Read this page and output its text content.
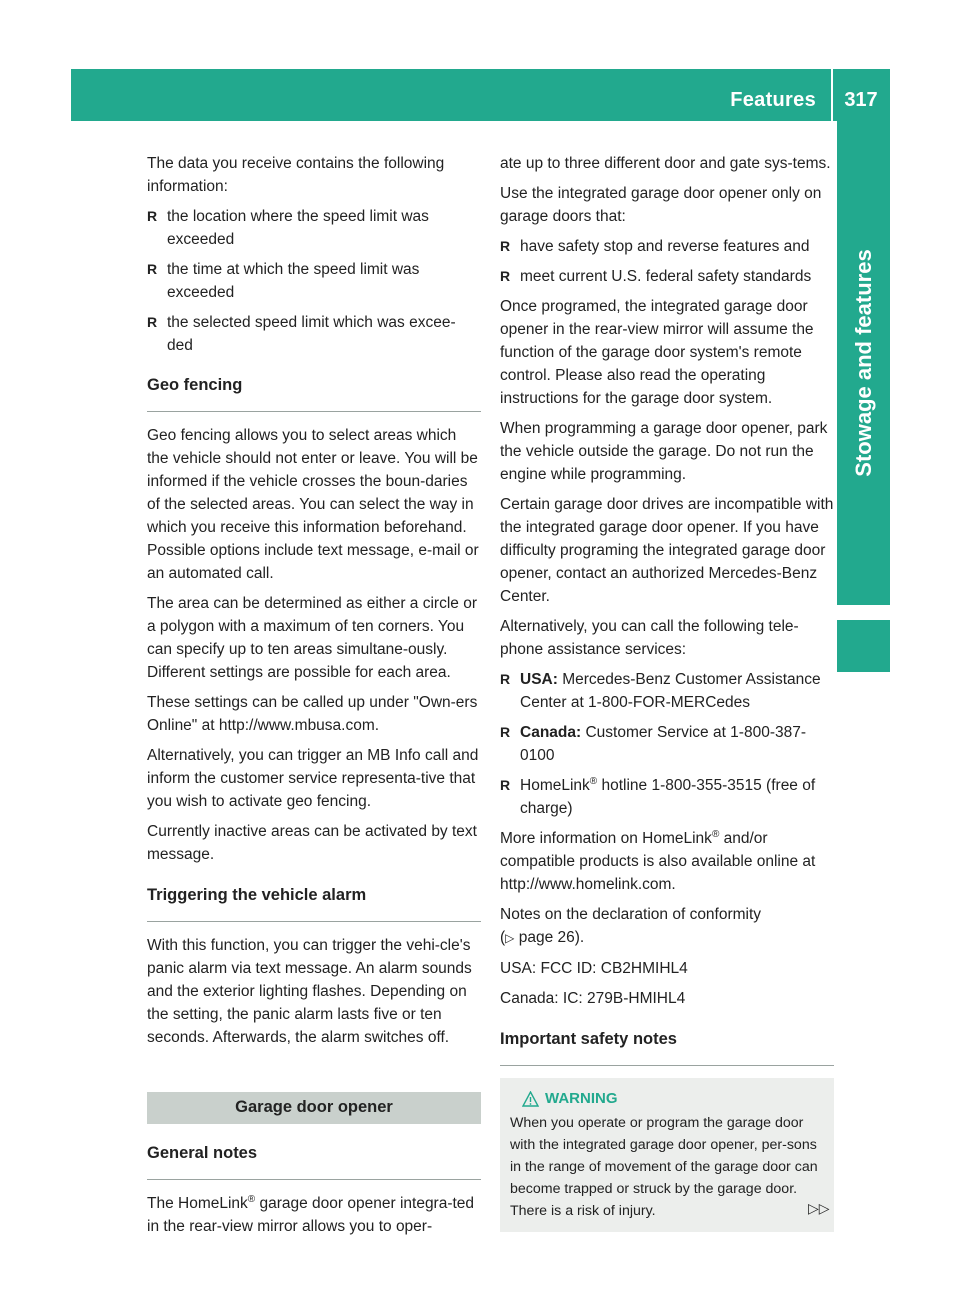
Features	317
Stowage and features

The data you receive contains the following information:

R the location where the speed limit was exceeded
R the time at which the speed limit was exceeded
R the selected speed limit which was excee-ded
Geo fencing

Geo fencing allows you to select areas which the vehicle should not enter or leave. You will be informed if the vehicle crosses the boun-daries of the selected areas. You can select the way in which you receive this information beforehand. Possible options include text message, e-mail or an automated call.

The area can be determined as either a circle or a polygon with a maximum of ten corners. You can specify up to ten areas simultane-ously. Different settings are possible for each area.

These settings can be called up under "Own-ers Online" at http://www.mbusa.com.

Alternatively, you can trigger an MB Info call and inform the customer service representa-tive that you wish to activate geo fencing.

Currently inactive areas can be activated by text message.

Triggering the vehicle alarm

With this function, you can trigger the vehi-cle's panic alarm via text message. An alarm sounds and the exterior lighting flashes. Depending on the setting, the panic alarm lasts five or ten seconds. Afterwards, the alarm switches off.

Garage door opener
General notes

The HomeLink® garage door opener integra-ted in the rear-view mirror allows you to oper-

ate up to three different door and gate sys-tems.

Use the integrated garage door opener only on garage doors that:

R have safety stop and reverse features and
R meet current U.S. federal safety standards

Once programed, the integrated garage door opener in the rear-view mirror will assume the function of the garage door system's remote control. Please also read the operating instructions for the garage door system.

When programming a garage door opener, park the vehicle outside the garage. Do not run the engine while programming.

Certain garage door drives are incompatible with the integrated garage door opener. If you have difficulty programing the integrated garage door opener, contact an authorized Mercedes-Benz Center.

Alternatively, you can call the following tele-phone assistance services:

R USA: Mercedes-Benz Customer Assistance Center at 1-800-FOR-MERCedes
R Canada: Customer Service at 1-800-387-0100
R HomeLink® hotline 1-800-355-3515 (free of charge)

More information on HomeLink® and/or compatible products is also available online at http://www.homelink.com.

Notes on the declaration of conformity
(▷ page 26).

USA: FCC ID: CB2HMIHL4

Canada: IC: 279B-HMIHL4

Important safety notes
WARNING
When you operate or program the garage door with the integrated garage door opener, per-sons in the range of movement of the garage door can become trapped or struck by the garage door. There is a risk of injury.	▷▷
